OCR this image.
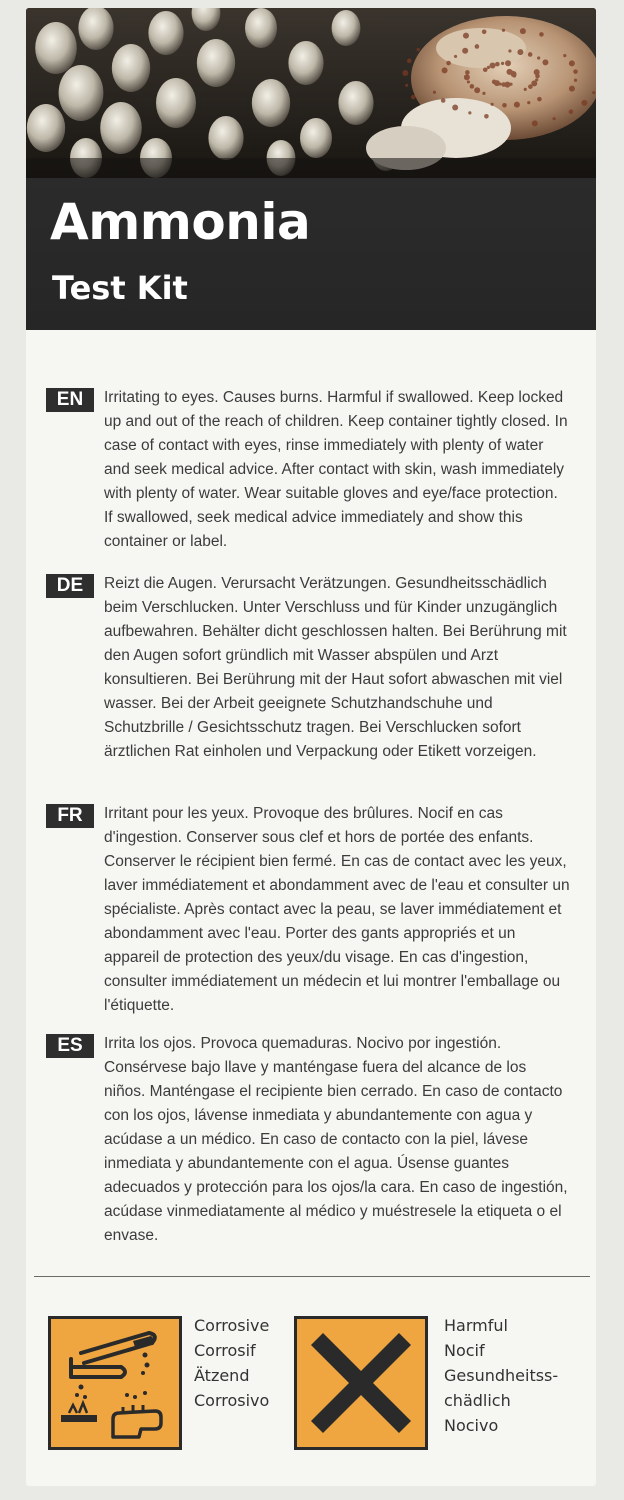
Ammonia
Test Kit
EN	Irritating to eyes. Causes burns. Harmful if swallowed. Keep locked up and out of the reach of children. Keep container tightly closed. In case of contact with eyes, rinse immediately with plenty of water and seek medical advice. After contact with skin, wash immediately with plenty of water. Wear suitable gloves and eye/face protection. If swallowed, seek medical advice immediately and show this container or label.
DE	Reizt die Augen. Verursacht Verätzungen. Gesundheitsschädlich beim Verschlucken. Unter Verschluss und für Kinder unzugänglich aufbewahren. Behälter dicht geschlossen halten. Bei Berührung mit den Augen sofort gründlich mit Wasser abspülen und Arzt konsultieren. Bei Berührung mit der Haut sofort abwaschen mit viel wasser. Bei der Arbeit geeignete Schutzhandschuhe und Schutzbrille / Gesichtsschutz tragen. Bei Verschlucken sofort ärztlichen Rat einholen und Verpackung oder Etikett vorzeigen.
FR	Irritant pour les yeux. Provoque des brûlures. Nocif en cas d'ingestion. Conserver sous clef et hors de portée des enfants. Conserver le récipient bien fermé. En cas de contact avec les yeux, laver immédiatement et abondamment avec de l'eau et consulter un spécialiste. Après contact avec la peau, se laver immédiatement et abondamment avec l'eau. Porter des gants appropriés et un appareil de protection des yeux/du visage. En cas d'ingestion, consulter immédiatement un médecin et lui montrer l'emballage ou l'étiquette.
ES	Irrita los ojos. Provoca quemaduras. Nocivo por ingestión. Consérvese bajo llave y manténgase fuera del alcance de los niños. Manténgase el recipiente bien cerrado. En caso de contacto con los ojos, lávense inmediata y abundantemente con agua y acúdase a un médico. En caso de contacto con la piel, lávese inmediata y abundantemente con el agua. Úsense guantes adecuados y protección para los ojos/la cara. En caso de ingestión, acúdase vinmediatamente al médico y muéstresele la etiqueta o el envase.
Corrosive
Corrosif
Ätzend
Corrosivo
Harmful
Nocif
Gesundheitss-
chädlich
Nocivo
